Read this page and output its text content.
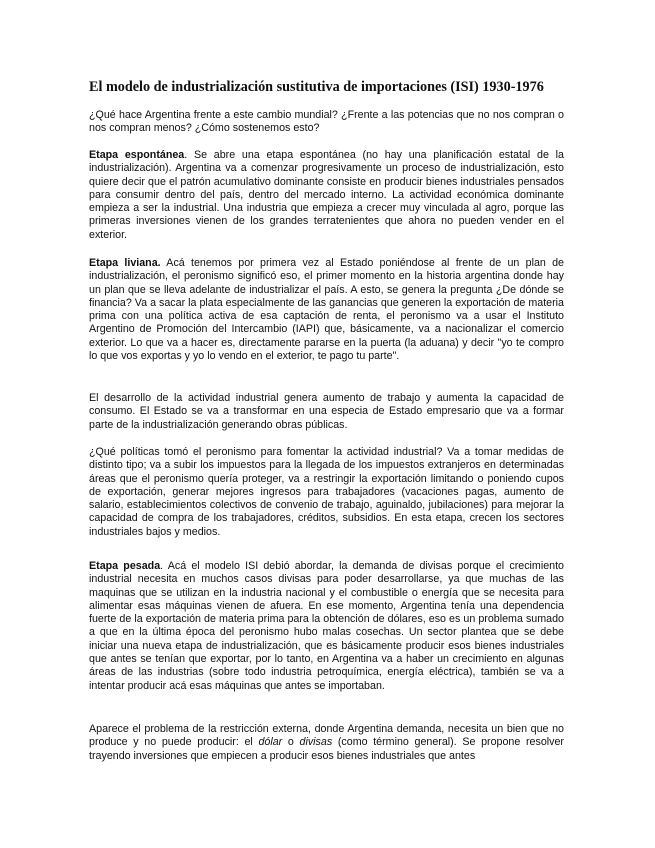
El modelo de industrialización sustitutiva de importaciones (ISI) 1930-1976

¿Qué hace Argentina frente a este cambio mundial? ¿Frente a las potencias que no nos compran o nos compran menos? ¿Cómo sostenemos esto?

Etapa espontánea. Se abre una etapa espontánea (no hay una planificación estatal de la industrialización). Argentina va a comenzar progresivamente un proceso de industrialización, esto quiere decir que el patrón acumulativo dominante consiste en producir bienes industriales pensados para consumir dentro del país, dentro del mercado interno. La actividad económica dominante empieza a ser la industrial. Una industria que empieza a crecer muy vinculada al agro, porque las primeras inversiones vienen de los grandes terratenientes que ahora no pueden vender en el exterior.

Etapa liviana. Acá tenemos por primera vez al Estado poniéndose al frente de un plan de industrialización, el peronismo significó eso, el primer momento en la historia argentina donde hay un plan que se lleva adelante de industrializar el país. A esto, se genera la pregunta ¿De dónde se financia? Va a sacar la plata especialmente de las ganancias que generen la exportación de materia prima con una política activa de esa captación de renta, el peronismo va a usar el Instituto Argentino de Promoción del Intercambio (IAPI) que, básicamente, va a nacionalizar el comercio exterior. Lo que va a hacer es, directamente pararse en la puerta (la aduana) y decir "yo te compro lo que vos exportas y yo lo vendo en el exterior, te pago tu parte".

El desarrollo de la actividad industrial genera aumento de trabajo y aumenta la capacidad de consumo. El Estado se va a transformar en una especia de Estado empresario que va a formar parte de la industrialización generando obras públicas.

¿Qué políticas tomó el peronismo para fomentar la actividad industrial? Va a tomar medidas de distinto tipo; va a subir los impuestos para la llegada de los impuestos extranjeros en determinadas áreas que el peronismo quería proteger, va a restringir la exportación limitando o poniendo cupos de exportación, generar mejores ingresos para trabajadores (vacaciones pagas, aumento de salario, establecimientos colectivos de convenio de trabajo, aguinaldo, jubilaciones) para mejorar la capacidad de compra de los trabajadores, créditos, subsidios. En esta etapa, crecen los sectores industriales bajos y medios.

Etapa pesada. Acá el modelo ISI debió abordar, la demanda de divisas porque el crecimiento industrial necesita en muchos casos divisas para poder desarrollarse, ya que muchas de las maquinas que se utilizan en la industria nacional y el combustible o energía que se necesita para alimentar esas máquinas vienen de afuera. En ese momento, Argentina tenía una dependencia fuerte de la exportación de materia prima para la obtención de dólares, eso es un problema sumado a que en la última época del peronismo hubo malas cosechas. Un sector plantea que se debe iniciar una nueva etapa de industrialización, que es básicamente producir esos bienes industriales que antes se tenían que exportar, por lo tanto, en Argentina va a haber un crecimiento en algunas áreas de las industrias (sobre todo industria petroquímica, energía eléctrica), también se va a intentar producir acá esas máquinas que antes se importaban.

Aparece el problema de la restricción externa, donde Argentina demanda, necesita un bien que no produce y no puede producir: el dólar o divisas (como término general). Se propone resolver trayendo inversiones que empiecen a producir esos bienes industriales que antes
